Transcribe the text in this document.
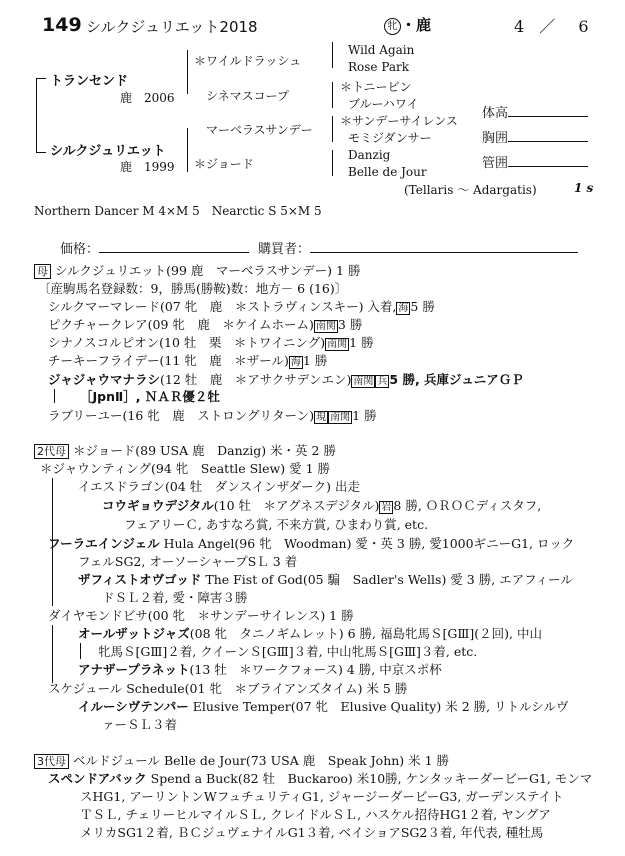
149 シルクジュリエット2018	牝 ・鹿	4 ／ 6
トランセンド
鹿　 2006
シルクジュリエット
鹿　 1999
＊ワイルドラッシュ
シネマスコープ
マーベラスサンデー
＊ジョード
Wild Again
Rose Park
＊トニービン
ブルーハワイ
＊サンデーサイレンス
モミジダンサー
Danzig
Belle de Jour
(Tellaris ～ Adargatis)	1 s
体高
胸囲
管囲
Northern Dancer M 4×M 5　Nearctic S 5×M 5
価格：	購買者：
母 シルクジュリエット(99 鹿　マーベラスサンデー) 1 勝
〔産駒馬名登録数：9，勝馬(勝鞍)数：地方－ 6 (16)〕
シルクマーマレード(07 牝　鹿　＊ストラヴィンスキー) 入着, 海 5 勝
ピクチャークレア(09 牝　鹿　＊ケイムホーム) 南関 3 勝
シナノスコルピオン(10 牡　栗　＊トワイニング) 南関 1 勝
チーキーフライデー(11 牝　鹿　＊ザール) 海 1 勝
ジャジャウマナラシ(12 牡　鹿　＊アサクサデンエン) 南関 兵 5 勝, 兵庫ジュニアＧＰ
［JpnⅡ］, ＮＡＲ優２牡
ラブリーユー(16 牝　鹿　ストロングリターン) 現 南関 1 勝
2代母 ＊ジョード(89 USA 鹿　Danzig) 米・英 2 勝
＊ジャウンティング(94 牝　Seattle Slew) 愛 1 勝
イエスドラゴン(04 牡　ダンスインザダーク) 出走
コウギョウデジタル(10 牡　＊アグネスデジタル) 岩 8 勝, ＯＲＯＣディスタフ,
フェアリーＣ, あすなろ賞, 不来方賞, ひまわり賞, etc.
フーラエインジェル Hula Angel(96 牝　Woodman) 愛・英 3 勝, 愛1000ギニーG1, ロック
フェルSG2, オーソーシャープSＬ 3 着
ザフィストオヴゴッド The Fist of God(05 騸　Sadler's Wells) 愛 3 勝, エアフィール
ドＳＬ２着, 愛・障害３勝
ダイヤモンドビサ(00 牝　＊サンデーサイレンス) 1 勝
オールザットジャズ(08 牝　タニノギムレット) 6 勝, 福島牝馬Ｓ[GⅢ](２回), 中山
牝馬Ｓ[GⅢ]２着, クイーンＳ[GⅢ]３着, 中山牝馬Ｓ[GⅢ]３着, etc.
アナザープラネット(13 牡　＊ワークフォース) 4 勝, 中京スポ杯
スケジュール Schedule(01 牝　＊ブライアンズタイム) 米 5 勝
イルーシヴテンパー Elusive Temper(07 牝　Elusive Quality) 米 2 勝, リトルシルヴ
ァーＳＬ３着
3代母 ベルドジュール Belle de Jour(73 USA 鹿　Speak John) 米 1 勝
スペンドアバック Spend a Buck(82 牡　Buckaroo) 米10勝, ケンタッキーダービーG1, モンマ
スHG1, アーリントンWフュチュリティG1, ジャージーダービーG3, ガーデンステイト
ＴＳＬ, チェリーヒルマイルＳＬ, クレイドルＳＬ, ハスケル招待HG1２着, ヤングア
メリカSG1２着, ＢＣジュヴェナイルG1３着, ベイショアSG2３着, 年代表, 種牡馬
